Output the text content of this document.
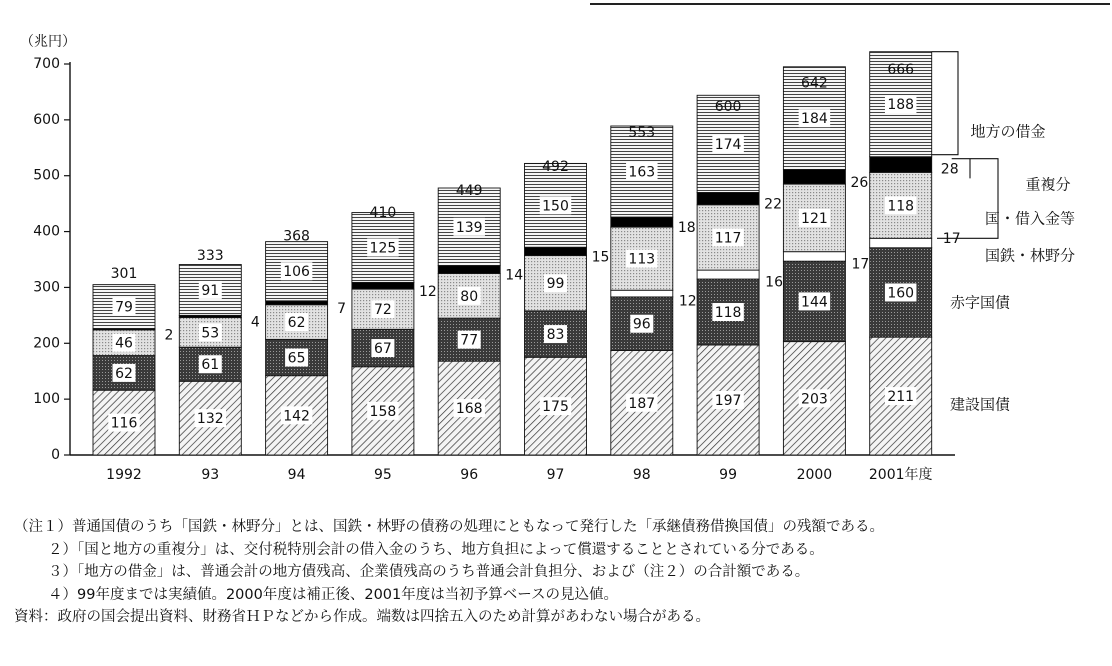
（兆円）
0
100
200
300
400
500
600
700
116
62
46
79
2
301
1992
132
61
53
91
4
333
93
142
65
62
106
7
368
94
158
67
72
125
12
410
95
168
77
80
139
14
449
96
175
83
99
150
15
492
97
187
96
113
163
12
18
553
98
197
118
117
174
16
22
600
99
203
144
121
184
17
26
642
2000
211
160
118
188
17
28
666
2001年度
地方の借金
重複分
国・借入金等
国鉄・林野分
赤字国債
建設国債
（注１）普通国債のうち「国鉄・林野分」とは、国鉄・林野の債務の処理にともなって発行した「承継債務借換国債」の残額である。
２）「国と地方の重複分」は、交付税特別会計の借入金のうち、地方負担によって償還することとされている分である。
３）「地方の借金」は、普通会計の地方債残高、企業債残高のうち普通会計負担分、および（注２）の合計額である。
４）99年度までは実績値。2000年度は補正後、2001年度は当初予算ベースの見込値。
資料：政府の国会提出資料、財務省ＨＰなどから作成。端数は四捨五入のため計算があわない場合がある。
